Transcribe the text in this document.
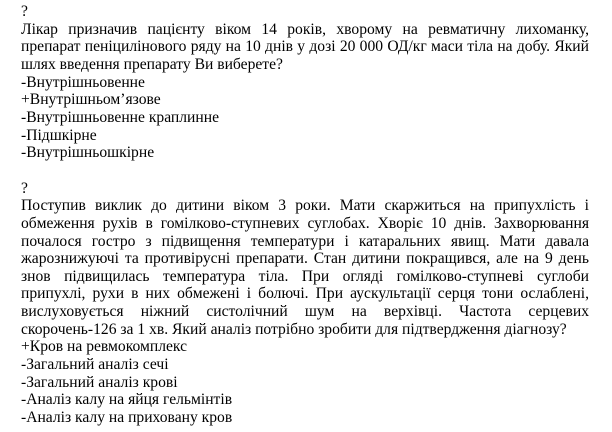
?
Лікар призначив пацієнту віком 14 років, хворому на ревматичну лихоманку, препарат пеніцилінового ряду на 10 днів у дозі 20 000 ОД/кг маси тіла на добу. Який шлях введення препарату Ви виберете?
-Внутрішньовенне
+Внутрішньом’язове
-Внутрішньовенне краплинне
-Підшкірне
-Внутрішньошкірне
?
Поступив виклик до дитини віком 3 роки. Мати скаржиться на припухлість і обмеження рухів в гомілково-ступневих суглобах. Хворіє 10 днів. Захворювання почалося гостро з підвищення температури і катаральних явищ. Мати давала жарознижуючі та противірусні препарати. Стан дитини покращився, але на 9 день знов підвищилась температура тіла. При огляді гомілково-ступневі суглоби припухлі, рухи в них обмежені і болючі. При аускультації серця тони ослаблені, вислуховується ніжний систолічний шум на верхівці. Частота серцевих скорочень-126 за 1 хв. Який аналіз потрібно зробити для підтвердження діагнозу?
+Кров на ревмокомплекс
-Загальний аналіз сечі
-Загальний аналіз крові
-Аналіз калу на яйця гельмінтів
-Аналіз калу на приховану кров
